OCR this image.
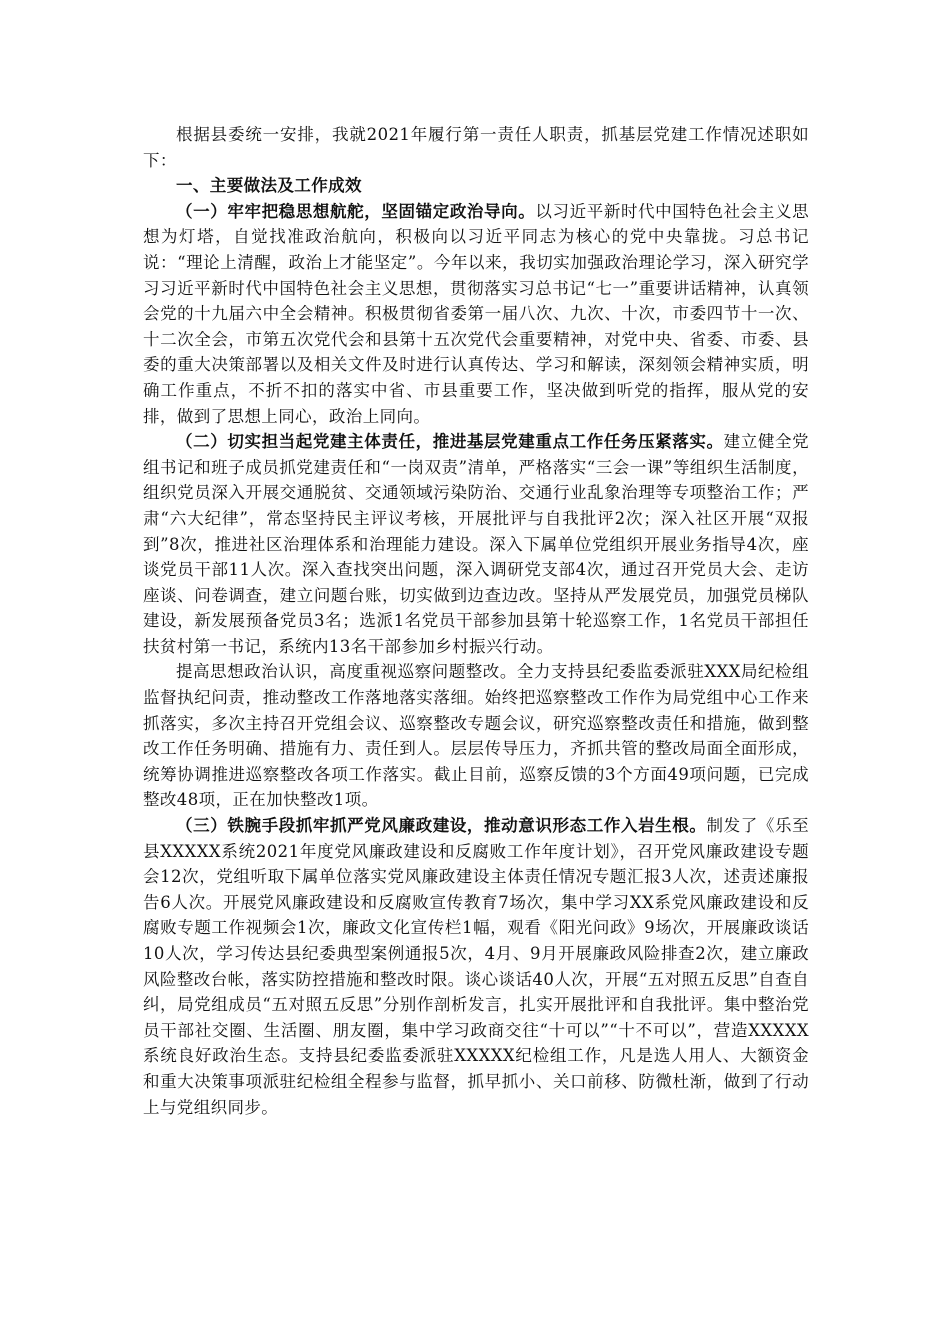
根据县委统一安排，我就2021年履行第一责任人职责，抓基层党建工作情况述职如下：

一、主要做法及工作成效

（一）牢牢把稳思想航舵，坚固锚定政治导向。以习近平新时代中国特色社会主义思想为灯塔，自觉找准政治航向，积极向以习近平同志为核心的党中央靠拢。习总书记说：“理论上清醒，政治上才能坚定”。今年以来，我切实加强政治理论学习，深入研究学习习近平新时代中国特色社会主义思想，贯彻落实习总书记“七一”重要讲话精神，认真领会党的十九届六中全会精神。积极贯彻省委第一届八次、九次、十次，市委四节十一次、十二次全会，市第五次党代会和县第十五次党代会重要精神，对党中央、省委、市委、县委的重大决策部署以及相关文件及时进行认真传达、学习和解读，深刻领会精神实质，明确工作重点，不折不扣的落实中省、市县重要工作，坚决做到听党的指挥，服从党的安排，做到了思想上同心，政治上同向。

（二）切实担当起党建主体责任，推进基层党建重点工作任务压紧落实。建立健全党组书记和班子成员抓党建责任和“一岗双责”清单，严格落实“三会一课”等组织生活制度，组织党员深入开展交通脱贫、交通领域污染防治、交通行业乱象治理等专项整治工作；严肃“六大纪律”，常态坚持民主评议考核，开展批评与自我批评2次；深入社区开展“双报到”8次，推进社区治理体系和治理能力建设。深入下属单位党组织开展业务指导4次，座谈党员干部11人次。深入查找突出问题，深入调研党支部4次，通过召开党员大会、走访座谈、问卷调查，建立问题台账，切实做到边查边改。坚持从严发展党员，加强党员梯队建设，新发展预备党员3名；选派1名党员干部参加县第十轮巡察工作，1名党员干部担任扶贫村第一书记，系统内13名干部参加乡村振兴行动。

提高思想政治认识，高度重视巡察问题整改。全力支持县纪委监委派驻XXX局纪检组监督执纪问责，推动整改工作落地落实落细。始终把巡察整改工作作为局党组中心工作来抓落实，多次主持召开党组会议、巡察整改专题会议，研究巡察整改责任和措施，做到整改工作任务明确、措施有力、责任到人。层层传导压力，齐抓共管的整改局面全面形成，统筹协调推进巡察整改各项工作落实。截止目前，巡察反馈的3个方面49项问题，已完成整改48项，正在加快整改1项。

（三）铁腕手段抓牢抓严党风廉政建设，推动意识形态工作入岩生根。制发了《乐至县XXXXX系统2021年度党风廉政建设和反腐败工作年度计划》，召开党风廉政建设专题会12次，党组听取下属单位落实党风廉政建设主体责任情况专题汇报3人次，述责述廉报告6人次。开展党风廉政建设和反腐败宣传教育7场次，集中学习XX系党风廉政建设和反腐败专题工作视频会1次，廉政文化宣传栏1幅，观看《阳光问政》9场次，开展廉政谈话10人次，学习传达县纪委典型案例通报5次，4月、9月开展廉政风险排查2次，建立廉政风险整改台帐，落实防控措施和整改时限。谈心谈话40人次，开展“五对照五反思”自查自纠，局党组成员“五对照五反思”分别作剖析发言，扎实开展批评和自我批评。集中整治党员干部社交圈、生活圈、朋友圈，集中学习政商交往“十可以”“十不可以”，营造XXXXX系统良好政治生态。支持县纪委监委派驻XXXXX纪检组工作，凡是选人用人、大额资金和重大决策事项派驻纪检组全程参与监督，抓早抓小、关口前移、防微杜渐，做到了行动上与党组织同步。
